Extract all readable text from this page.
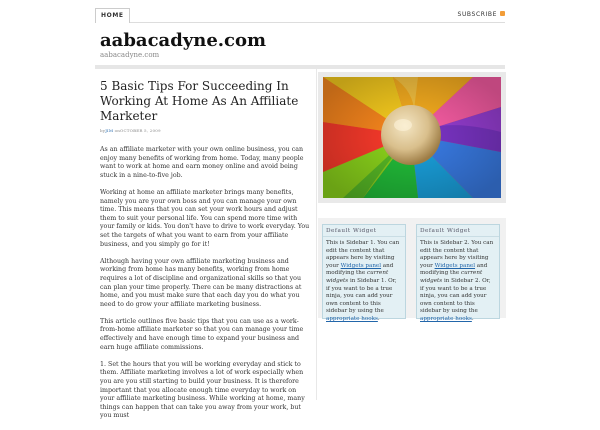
HOME	SUBSCRIBE
aabacadyne.com

aabacadyne.com

5 Basic Tips For Succeeding In Working At Home As An Affiliate Marketer
byJIM onOCTOBER 5, 2009

As an affiliate marketer with your own online business, you can enjoy many benefits of working from home. Today, many people want to work at home and earn money online and avoid being stuck in a nine-to-five job.

Working at home an affiliate marketer brings many benefits, namely you are your own boss and you can manage your own time. This means that you can set your work hours and adjust them to suit your personal life. You can spend more time with your family or kids. You don't have to drive to work everyday. You set the targets of what you want to earn from your affiliate business, and you simply go for it!

Although having your own affiliate marketing business and working from home has many benefits, working from home requires a lot of discipline and organizational skills so that you can plan your time properly. There can be many distractions at home, and you must make sure that each day you do what you need to do grow your affiliate marketing business.

This article outlines five basic tips that you can use as a work-from-home affiliate marketer so that you can manage your time effectively and have enough time to expand your business and earn huge affiliate commissions.

1. Set the hours that you will be working everyday and stick to them. Affiliate marketing involves a lot of work especially when you are you still starting to build your business. It is therefore important that you allocate enough time everyday to work on your affiliate marketing business. While working at home, many things can happen that can take you away from your work, but you must

Default Widget
This is Sidebar 1. You can edit the content that appears here by visiting your Widgets panel and modifying the current widgets in Sidebar 1. Or, if you want to be a true ninja, you can add your own content to this sidebar by using the appropriate hooks.
Default Widget
This is Sidebar 2. You can edit the content that appears here by visiting your Widgets panel and modifying the current widgets in Sidebar 2. Or, if you want to be a true ninja, you can add your own content to this sidebar by using the appropriate hooks.
